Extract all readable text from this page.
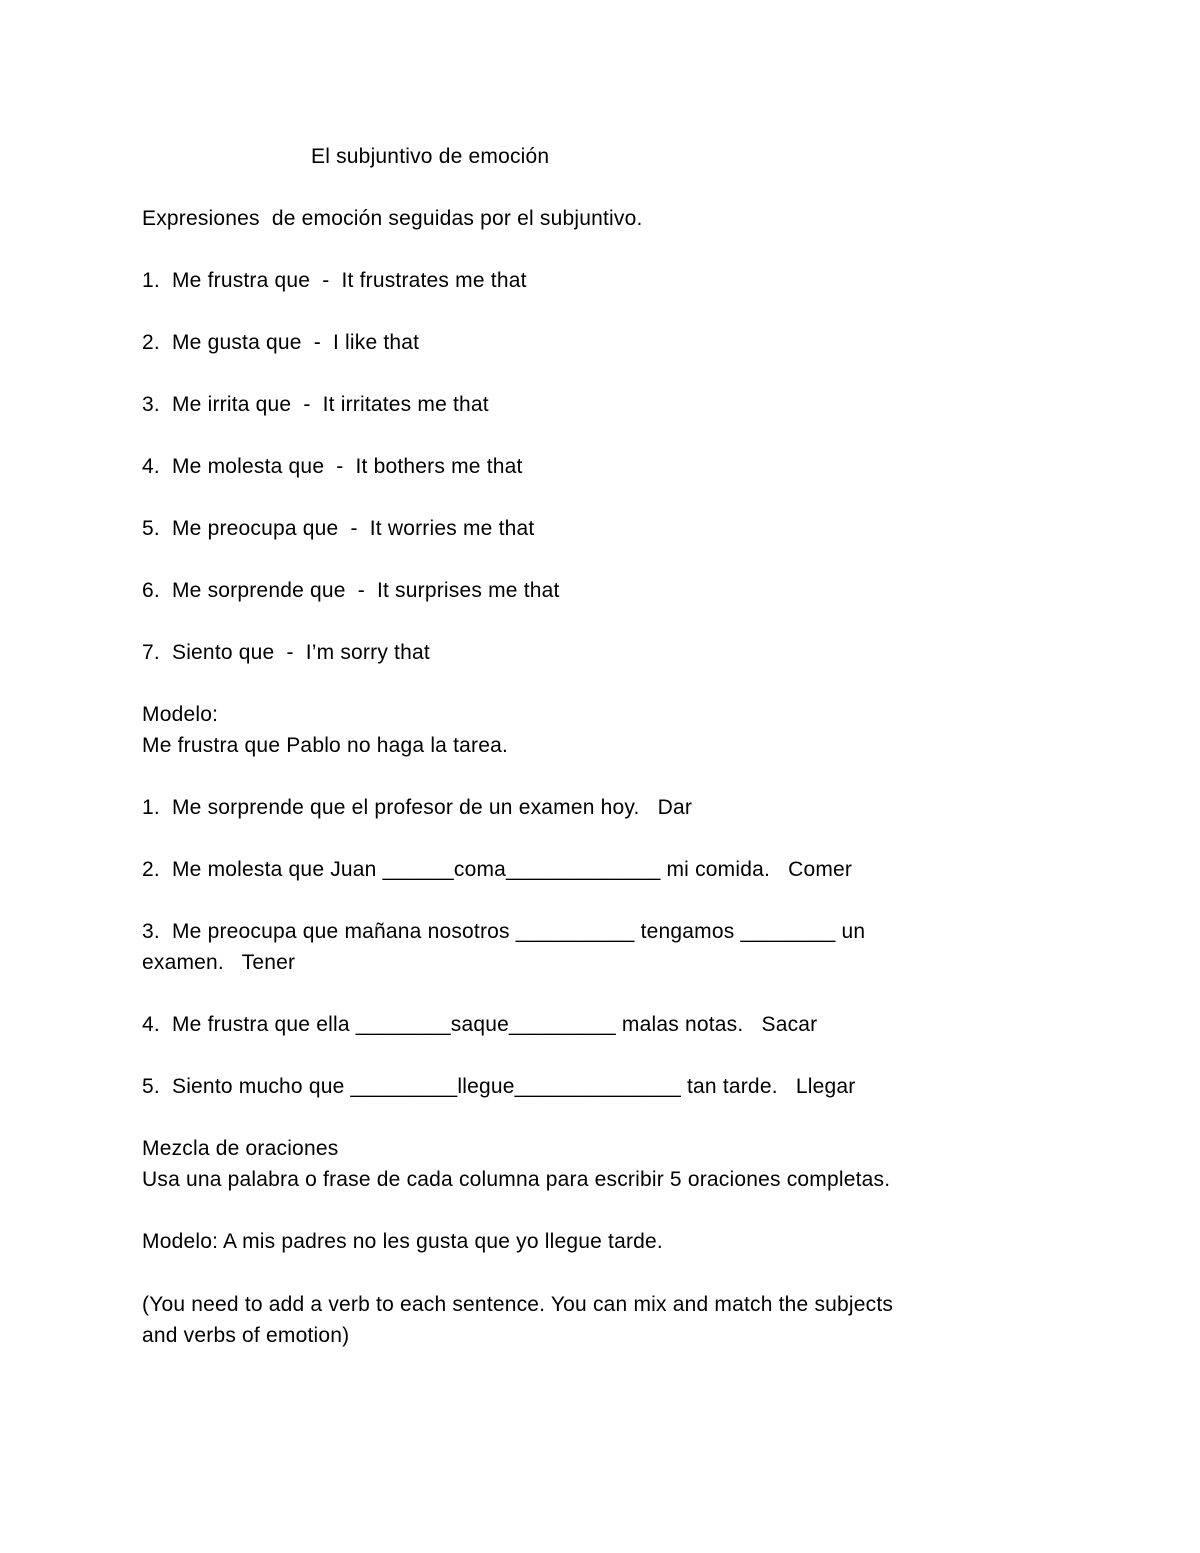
El subjuntivo de emoción
Expresiones  de emoción seguidas por el subjuntivo.
1.  Me frustra que  -  It frustrates me that
2.  Me gusta que  -  I like that
3.  Me irrita que  -  It irritates me that
4.  Me molesta que  -  It bothers me that
5.  Me preocupa que  -  It worries me that
6.  Me sorprende que  -  It surprises me that
7.  Siento que  -  I’m sorry that
Modelo:
Me frustra que Pablo no haga la tarea.
1.  Me sorprende que el profesor de un examen hoy.   Dar
2.  Me molesta que Juan ______coma_____________ mi comida.   Comer
3.  Me preocupa que mañana nosotros __________ tengamos ________ un
examen.   Tener
4.  Me frustra que ella ________saque_________ malas notas.   Sacar
5.  Siento mucho que _________llegue______________ tan tarde.   Llegar
Mezcla de oraciones
Usa una palabra o frase de cada columna para escribir 5 oraciones completas.
Modelo: A mis padres no les gusta que yo llegue tarde.
(You need to add a verb to each sentence. You can mix and match the subjects
and verbs of emotion)
